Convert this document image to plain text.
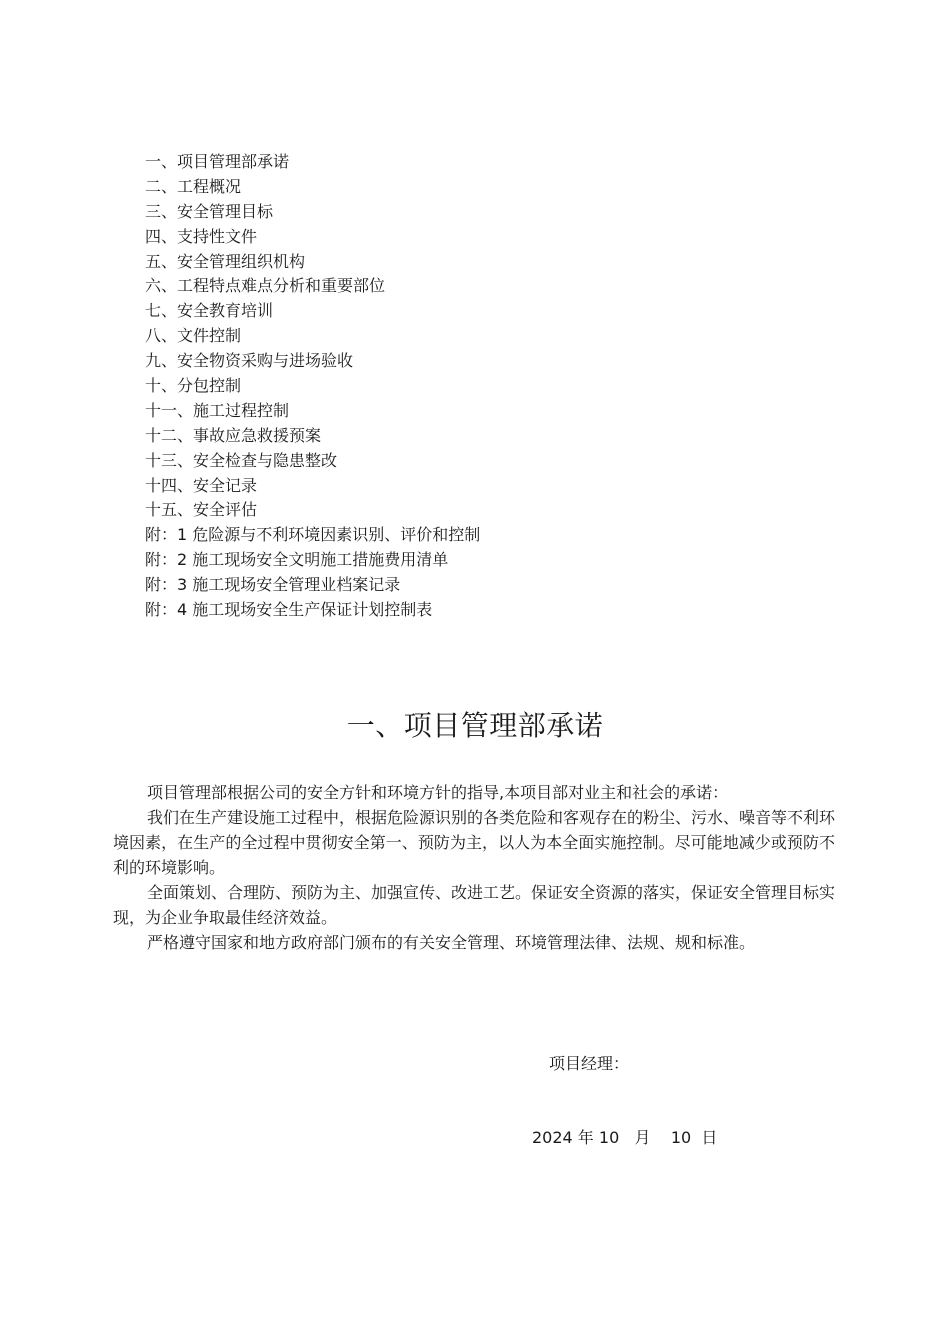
一、项目管理部承诺
二、工程概况
三、安全管理目标
四、支持性文件
五、安全管理组织机构
六、工程特点难点分析和重要部位
七、安全教育培训
八、文件控制
九、安全物资采购与进场验收
十、分包控制
十一、施工过程控制
十二、事故应急救援预案
十三、安全检查与隐患整改
十四、安全记录
十五、安全评估
附：1 危险源与不利环境因素识别、评价和控制
附：2 施工现场安全文明施工措施费用清单
附：3 施工现场安全管理业档案记录
附：4 施工现场安全生产保证计划控制表
一、项目管理部承诺

项目管理部根据公司的安全方针和环境方针的指导,本项目部对业主和社会的承诺：

我们在生产建设施工过程中，根据危险源识别的各类危险和客观存在的粉尘、污水、噪音等不利环境因素，在生产的全过程中贯彻安全第一、预防为主，以人为本全面实施控制。尽可能地减少或预防不利的环境影响。

全面策划、合理防、预防为主、加强宣传、改进工艺。保证安全资源的落实，保证安全管理目标实现，为企业争取最佳经济效益。

严格遵守国家和地方政府部门颁布的有关安全管理、环境管理法律、法规、规和标准。

项目经理：
2024 年 10   月    10  日
